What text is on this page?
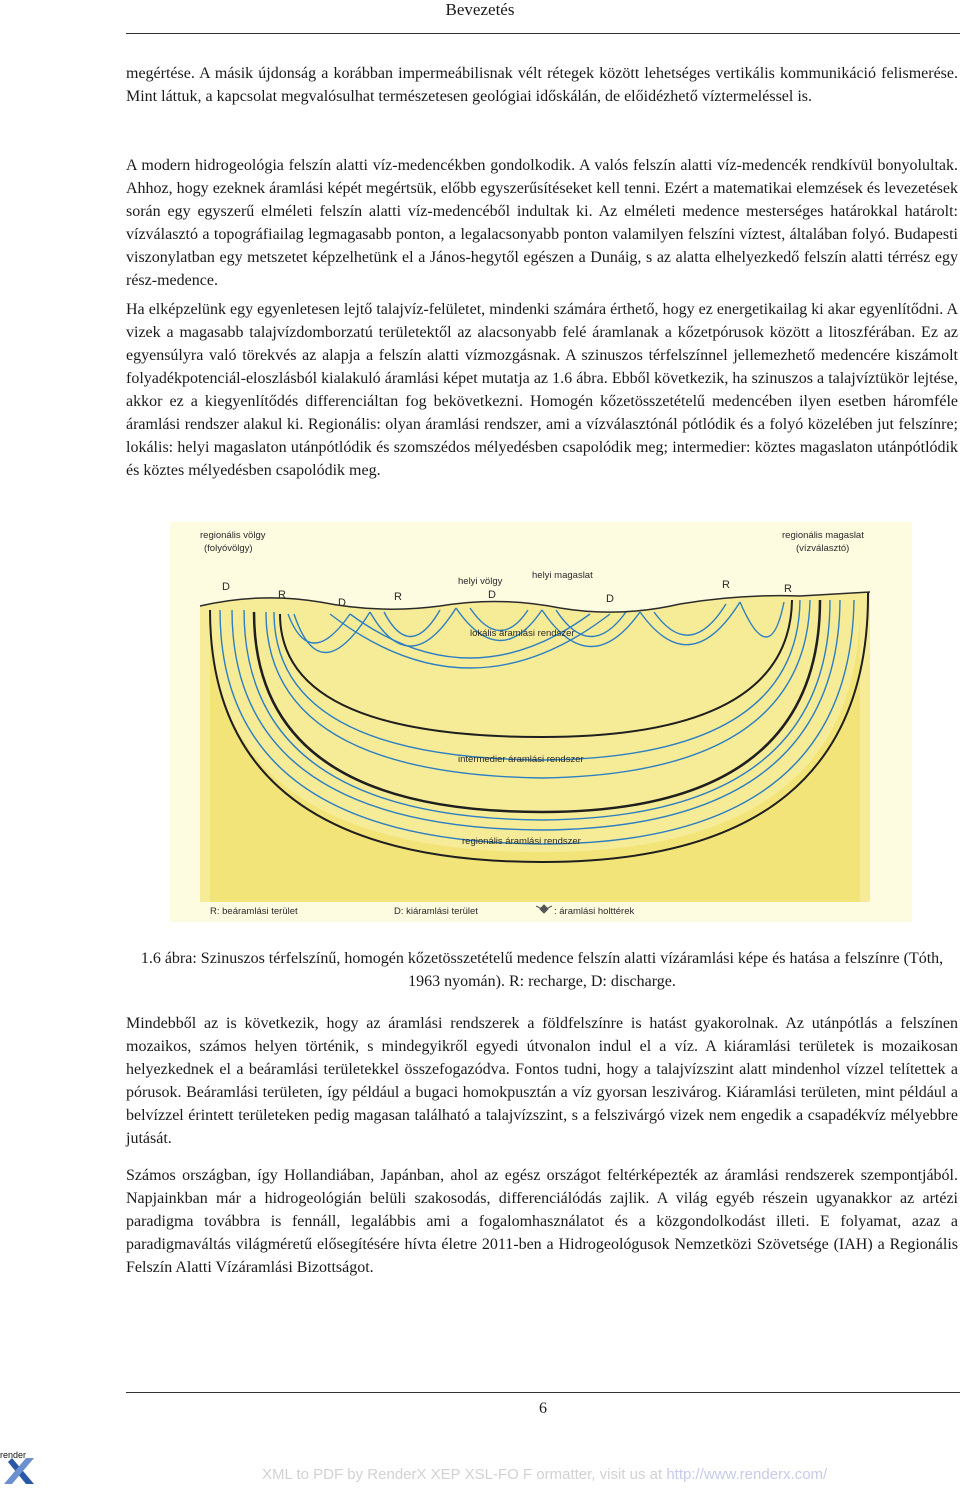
Bevezetés

megértése. A másik újdonság a korábban impermeábilisnak vélt rétegek között lehetséges vertikális kommunikáció felismerése. Mint láttuk, a kapcsolat megvalósulhat természetesen geológiai időskálán, de előidézhető víztermeléssel is.

A modern hidrogeológia felszín alatti víz-medencékben gondolkodik. A valós felszín alatti víz-medencék rendkívül bonyolultak. Ahhoz, hogy ezeknek áramlási képét megértsük, előbb egyszerűsítéseket kell tenni. Ezért a matematikai elemzések és levezetések során egy egyszerű elméleti felszín alatti víz-medencéből indultak ki. Az elméleti medence mesterséges határokkal határolt: vízválasztó a topográfiailag legmagasabb ponton, a legalacsonyabb ponton valamilyen felszíni víztest, általában folyó. Budapesti viszonylatban egy metszetet képzelhetünk el a János-hegytől egészen a Dunáig, s az alatta elhelyezkedő felszín alatti térrész egy rész-medence.

Ha elképzelünk egy egyenletesen lejtő talajvíz-felületet, mindenki számára érthető, hogy ez energetikailag ki akar egyenlítődni. A vizek a magasabb talajvízdomborzatú területektől az alacsonyabb felé áramlanak a kőzetpórusok között a litoszférában. Ez az egyensúlyra való törekvés az alapja a felszín alatti vízmozgásnak. A szinuszos térfelszínnel jellemezhető medencére kiszámolt folyadékpotenciál-eloszlásból kialakuló áramlási képet mutatja az 1.6 ábra. Ebből következik, ha szinuszos a talajvíztükör lejtése, akkor ez a kiegyenlítődés differenciáltan fog bekövetkezni. Homogén kőzetösszetételű medencében ilyen esetben háromféle áramlási rendszer alakul ki. Regionális: olyan áramlási rendszer, ami a vízválasztónál pótlódik és a folyó közelében jut felszínre; lokális: helyi magaslaton utánpótlódik és szomszédos mélyedésben csapolódik meg; intermedier: köztes magaslaton utánpótlódik és köztes mélyedésben csapolódik meg.

regionális völgy
(folyóvölgy)
regionális magaslat
(vízválasztó)
helyi völgy
helyi magaslat
lokális áramlási rendszer
intermedier áramlási rendszer
regionális áramlási rendszer
D
R
D	R	D	D
R	R
R: beáramlási terület	D: kiáramlási terület	: áramlási holttérek
1.6 ábra: Szinuszos térfelszínű, homogén kőzetösszetételű medence felszín alatti vízáramlási képe és hatása a felszínre (Tóth, 1963 nyomán). R: recharge, D: discharge.

Mindebből az is következik, hogy az áramlási rendszerek a földfelszínre is hatást gyakorolnak. Az utánpótlás a felszínen mozaikos, számos helyen történik, s mindegyikről egyedi útvonalon indul el a víz. A kiáramlási területek is mozaikosan helyezkednek el a beáramlási területekkel összefogazódva. Fontos tudni, hogy a talajvízszint alatt mindenhol vízzel telítettek a pórusok. Beáramlási területen, így például a bugaci homokpusztán a víz gyorsan leszivárog. Kiáramlási területen, mint például a belvízzel érintett területeken pedig magasan található a talajvízszint, s a felszivárgó vizek nem engedik a csapadékvíz mélyebbre jutását.

Számos országban, így Hollandiában, Japánban, ahol az egész országot feltérképezték az áramlási rendszerek szempontjából. Napjainkban már a hidrogeológián belüli szakosodás, differenciálódás zajlik. A világ egyéb részein ugyanakkor az artézi paradigma továbbra is fennáll, legalábbis ami a fogalomhasználatot és a közgondolkodást illeti. E folyamat, azaz a paradigmaváltás világméretű elősegítésére hívta életre 2011-ben a Hidrogeológusok Nemzetközi Szövetsége (IAH) a Regionális Felszín Alatti Vízáramlási Bizottságot.

6
render
XML to PDF by RenderX XEP XSL-FO F ormatter, visit us at http://www.renderx.com/
